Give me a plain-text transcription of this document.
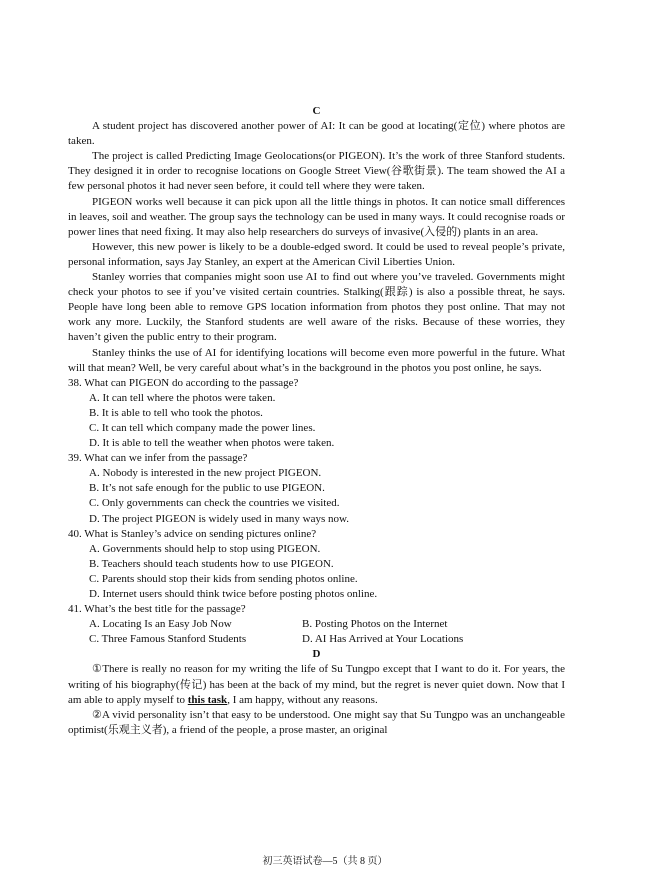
C

A student project has discovered another power of AI: It can be good at locating(定位) where photos are taken.

The project is called Predicting Image Geolocations(or PIGEON). It’s the work of three Stanford students. They designed it in order to recognise locations on Google Street View(谷歌街景). The team showed the AI a few personal photos it had never seen before, it could tell where they were taken.

PIGEON works well because it can pick upon all the little things in photos. It can notice small differences in leaves, soil and weather. The group says the technology can be used in many ways. It could recognise roads or power lines that need fixing. It may also help researchers do surveys of invasive(入侵的) plants in an area.

However, this new power is likely to be a double-edged sword. It could be used to reveal people’s private, personal information, says Jay Stanley, an expert at the American Civil Liberties Union.

Stanley worries that companies might soon use AI to find out where you’ve traveled. Governments might check your photos to see if you’ve visited certain countries. Stalking(跟踪) is also a possible threat, he says. People have long been able to remove GPS location information from photos they post online. That may not work any more. Luckily, the Stanford students are well aware of the risks. Because of these worries, they haven’t given the public entry to their program.

Stanley thinks the use of AI for identifying locations will become even more powerful in the future. What will that mean? Well, be very careful about what’s in the background in the photos you post online, he says.

38. What can PIGEON do according to the passage?

A. It can tell where the photos were taken.

B. It is able to tell who took the photos.

C. It can tell which company made the power lines.

D. It is able to tell the weather when photos were taken.

39. What can we infer from the passage?

A. Nobody is interested in the new project PIGEON.

B. It’s not safe enough for the public to use PIGEON.

C. Only governments can check the countries we visited.

D. The project PIGEON is widely used in many ways now.

40. What is Stanley’s advice on sending pictures online?

A. Governments should help to stop using PIGEON.

B. Teachers should teach students how to use PIGEON.

C. Parents should stop their kids from sending photos online.

D. Internet users should think twice before posting photos online.

41. What’s the best title for the passage?

A. Locating Is an Easy Job Now	B. Posting Photos on the Internet

C. Three Famous Stanford Students	D. AI Has Arrived at Your Locations

D

①There is really no reason for my writing the life of Su Tungpo except that I want to do it. For years, the writing of his biography(传记) has been at the back of my mind, but the regret is never quiet down. Now that I am able to apply myself to this task, I am happy, without any reasons.

②A vivid personality isn’t that easy to be understood. One might say that Su Tungpo was an unchangeable optimist(乐观主义者), a friend of the people, a prose master, an original

初三英语试卷—5（共 8 页）
